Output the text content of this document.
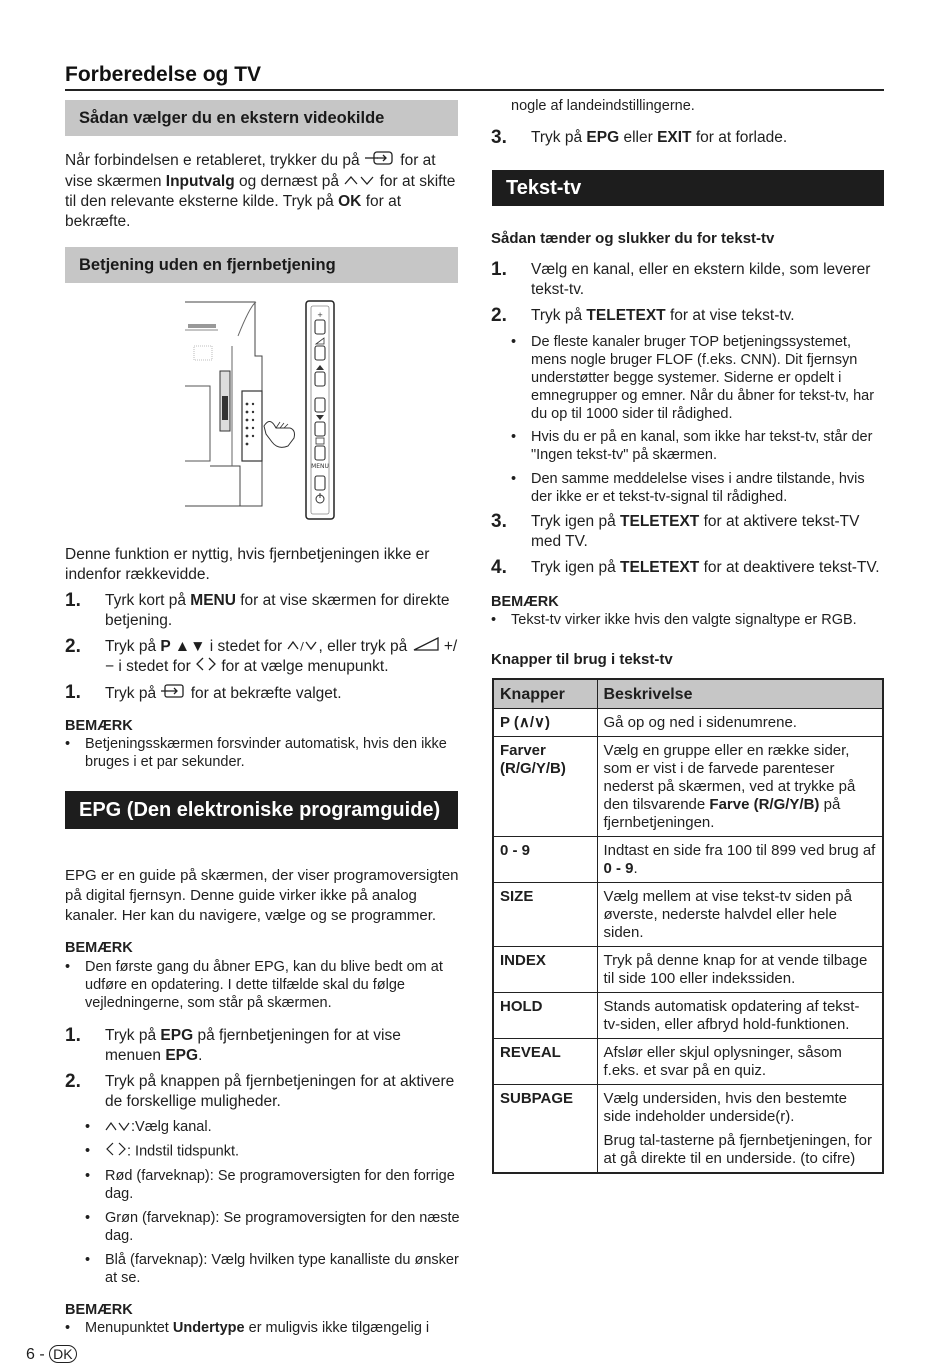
Forberedelse og TV
Sådan vælger du en ekstern videokilde
Når forbindelsen e retableret, trykker du på	for at vise skærmen Inputvalg og dernæst på	for at skifte til den relevante eksterne kilde. Tryk på OK for at bekræfte.
Betjening uden en fjernbetjening
+
MENU
Denne funktion er nyttig, hvis fjernbetjeningen ikke er indenfor rækkevidde.
1. Tyrk kort på MENU for at vise skærmen for direkte betjening.
2. Tryk på P ▲▼ i stedet for / , eller tryk på +/− i stedet for for at vælge menupunkt.
1. Tryk på for at bekræfte valget.
BEMÆRK
• Betjeningsskærmen forsvinder automatisk, hvis den ikke bruges i et par sekunder.
EPG (Den elektroniske programguide)
EPG er en guide på skærmen, der viser programoversigten på digital fjernsyn. Denne guide virker ikke på analog kanaler. Her kan du navigere, vælge og se programmer.
BEMÆRK
• Den første gang du åbner EPG, kan du blive bedt om at udføre en opdatering. I dette tilfælde skal du følge vejledningerne, som står på skærmen.
1. Tryk på EPG på fjernbetjeningen for at vise menuen EPG.
2. Tryk på knappen på fjernbetjeningen for at aktivere de forskellige muligheder.
•	:Vælg kanal.
•	: Indstil tidspunkt.
• Rød (farveknap): Se programoversigten for den forrige dag.
• Grøn (farveknap): Se programoversigten for den næste dag.
• Blå (farveknap): Vælg hvilken type kanalliste du ønsker at se.
BEMÆRK
• Menupunktet Undertype er muligvis ikke tilgængelig i
nogle af landeindstillingerne.
3. Tryk på EPG eller EXIT for at forlade.
Tekst-tv
Sådan tænder og slukker du for tekst-tv
1. Vælg en kanal, eller en ekstern kilde, som leverer tekst-tv.
2. Tryk på TELETEXT for at vise tekst-tv.
• De fleste kanaler bruger TOP betjeningssystemet, mens nogle bruger FLOF (f.eks. CNN). Dit fjernsyn understøtter begge systemer. Siderne er opdelt i emnegrupper og emner. Når du åbner for tekst-tv, har du op til 1000 sider til rådighed.
• Hvis du er på en kanal, som ikke har tekst-tv, står der "Ingen tekst-tv" på skærmen.
• Den samme meddelelse vises i andre tilstande, hvis der ikke er et tekst-tv-signal til rådighed.
3. Tryk igen på TELETEXT for at aktivere tekst-TV med TV.
4. Tryk igen på TELETEXT for at deaktivere tekst-TV.
BEMÆRK
• Tekst-tv virker ikke hvis den valgte signaltype er RGB.
Knapper til brug i tekst-tv
Knapper	Beskrivelse
P (∧/∨)	Gå op og ned i sidenumrene.
Farver (R/G/Y/B)	Vælg en gruppe eller en række sider, som er vist i de farvede parenteser nederst på skærmen, ved at trykke på den tilsvarende Farve (R/G/Y/B) på fjernbetjeningen.
0 - 9	Indtast en side fra 100 til 899 ved brug af 0 - 9.
SIZE	Vælg mellem at vise tekst-tv siden på øverste, nederste halvdel eller hele siden.
INDEX	Tryk på denne knap for at vende tilbage til side 100 eller indekssiden.
HOLD	Stands automatisk opdatering af tekst-tv-siden, eller afbryd hold-funktionen.
REVEAL	Afslør eller skjul oplysninger, såsom f.eks. et svar på en quiz.
SUBPAGE	Vælg undersiden, hvis den bestemte side indeholder underside(r).
Brug tal-tasterne på fjernbetjeningen, for at gå direkte til en underside. (to cifre)
6 - DK
